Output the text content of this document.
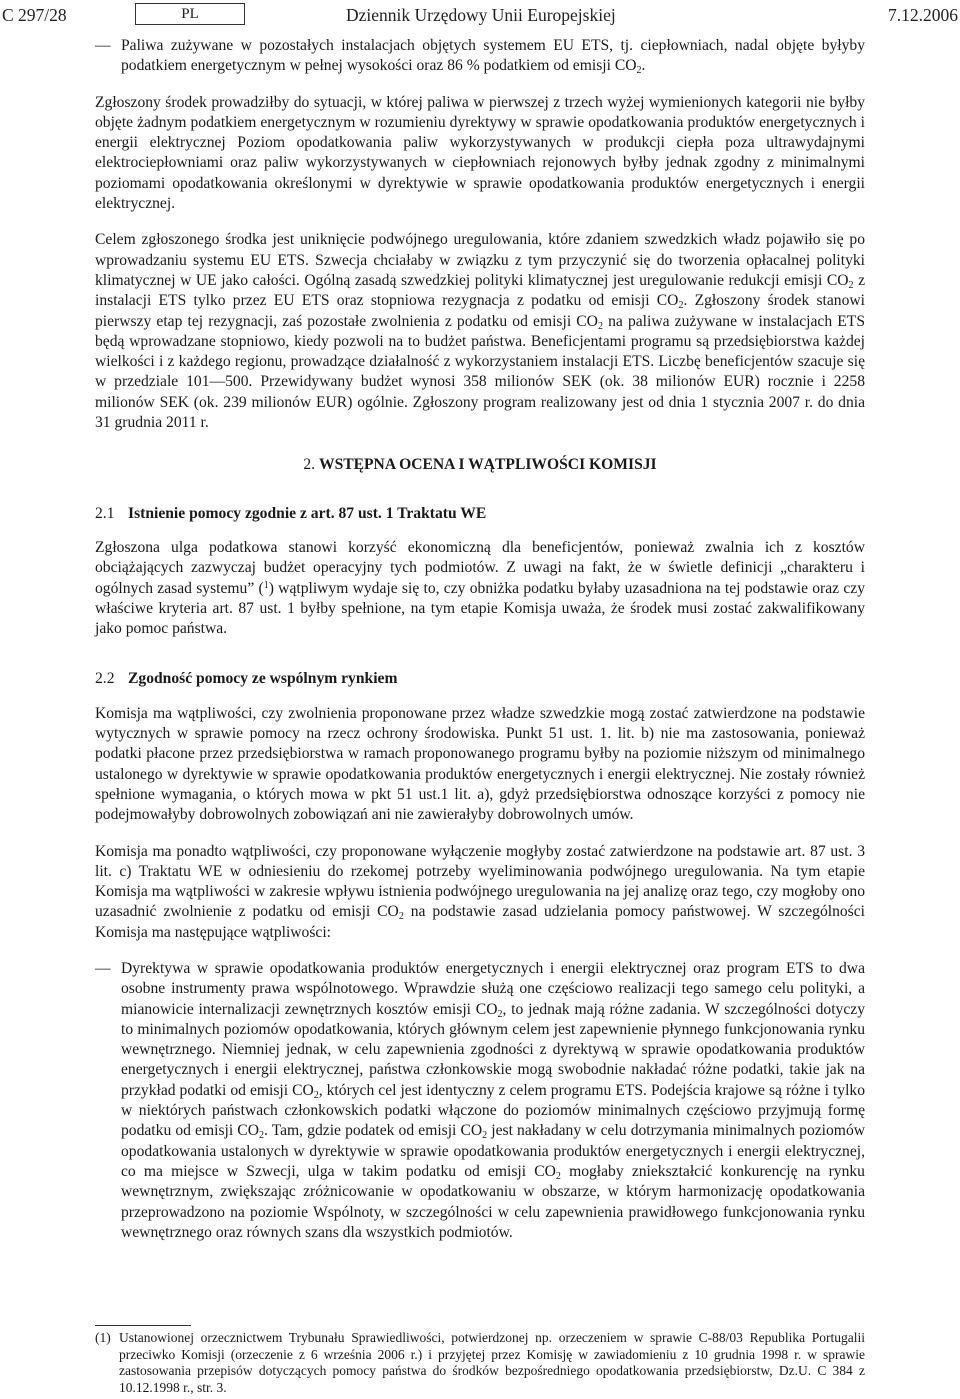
C 297/28	PL	Dziennik Urzędowy Unii Europejskiej	7.12.2006
— Paliwa zużywane w pozostałych instalacjach objętych systemem EU ETS, tj. ciepłowniach, nadal objęte byłyby podatkiem energetycznym w pełnej wysokości oraz 86 % podatkiem od emisji $CO_2$.

Zgłoszony środek prowadziłby do sytuacji, w której paliwa w pierwszej z trzech wyżej wymienionych kategorii nie byłby objęte żadnym podatkiem energetycznym w rozumieniu dyrektywy w sprawie opodatkowania produktów energetycznych i energii elektrycznej Poziom opodatkowania paliw wykorzystywanych w produkcji ciepła poza ultrawydajnymi elektrociepłowniami oraz paliw wykorzystywanych w ciepłowniach rejonowych byłby jednak zgodny z minimalnymi poziomami opodatkowania określonymi w dyrektywie w sprawie opodatkowania produktów energetycznych i energii elektrycznej.

Celem zgłoszonego środka jest uniknięcie podwójnego uregulowania, które zdaniem szwedzkich władz pojawiło się po wprowadzaniu systemu EU ETS. Szwecja chciałaby w związku z tym przyczynić się do tworzenia opłacalnej polityki klimatycznej w UE jako całości. Ogólną zasadą szwedzkiej polityki klimatycznej jest uregulowanie redukcji emisji $CO_2$ z instalacji ETS tylko przez EU ETS oraz stopniowa rezygnacja z podatku od emisji $CO_2$. Zgłoszony środek stanowi pierwszy etap tej rezygnacji, zaś pozostałe zwolnienia z podatku od emisji $CO_2$ na paliwa zużywane w instalacjach ETS będą wprowadzane stopniowo, kiedy pozwoli na to budżet państwa. Beneficjentami programu są przedsiębiorstwa każdej wielkości i z każdego regionu, prowadzące działalność z wykorzystaniem instalacji ETS. Liczbę beneficjentów szacuje się w przedziale 101—500. Przewidywany budżet wynosi 358 milionów SEK (ok. 38 milionów EUR) rocznie i 2258 milionów SEK (ok. 239 milionów EUR) ogólnie. Zgłoszony program realizowany jest od dnia 1 stycznia 2007 r. do dnia 31 grudnia 2011 r.

2. WSTĘPNA OCENA I WĄTPLIWOŚCI KOMISJI
2.1 Istnienie pomocy zgodnie z art. 87 ust. 1 Traktatu WE

Zgłoszona ulga podatkowa stanowi korzyść ekonomiczną dla beneficjentów, ponieważ zwalnia ich z kosztów obciążających zazwyczaj budżet operacyjny tych podmiotów. Z uwagi na fakt, że w świetle definicji „charakteru i ogólnych zasad systemu” ($^1$) wątpliwym wydaje się to, czy obniżka podatku byłaby uzasadniona na tej podstawie oraz czy właściwe kryteria art. 87 ust. 1 byłby spełnione, na tym etapie Komisja uważa, że środek musi zostać zakwalifikowany jako pomoc państwa.

2.2 Zgodność pomocy ze wspólnym rynkiem

Komisja ma wątpliwości, czy zwolnienia proponowane przez władze szwedzkie mogą zostać zatwierdzone na podstawie wytycznych w sprawie pomocy na rzecz ochrony środowiska. Punkt 51 ust. 1. lit. b) nie ma zastosowania, ponieważ podatki płacone przez przedsiębiorstwa w ramach proponowanego programu byłby na poziomie niższym od minimalnego ustalonego w dyrektywie w sprawie opodatkowania produktów energetycznych i energii elektrycznej. Nie zostały również spełnione wymagania, o których mowa w pkt 51 ust.1 lit. a), gdyż przedsiębiorstwa odnoszące korzyści z pomocy nie podejmowałyby dobrowolnych zobowiązań ani nie zawierałyby dobrowolnych umów.

Komisja ma ponadto wątpliwości, czy proponowane wyłączenie mogłyby zostać zatwierdzone na podstawie art. 87 ust. 3 lit. c) Traktatu WE w odniesieniu do rzekomej potrzeby wyeliminowania podwójnego uregulowania. Na tym etapie Komisja ma wątpliwości w zakresie wpływu istnienia podwójnego uregulowania na jej analizę oraz tego, czy mogłoby ono uzasadnić zwolnienie z podatku od emisji $CO_2$ na podstawie zasad udzielania pomocy państwowej. W szczególności Komisja ma następujące wątpliwości:

— Dyrektywa w sprawie opodatkowania produktów energetycznych i energii elektrycznej oraz program ETS to dwa osobne instrumenty prawa wspólnotowego. Wprawdzie służą one częściowo realizacji tego samego celu polityki, a mianowicie internalizacji zewnętrznych kosztów emisji $CO_2$, to jednak mają różne zadania. W szczególności dotyczy to minimalnych poziomów opodatkowania, których głównym celem jest zapewnienie płynnego funkcjonowania rynku wewnętrznego. Niemniej jednak, w celu zapewnienia zgodności z dyrektywą w sprawie opodatkowania produktów energetycznych i energii elektrycznej, państwa członkowskie mogą swobodnie nakładać różne podatki, takie jak na przykład podatki od emisji $CO_2$, których cel jest identyczny z celem programu ETS. Podejścia krajowe są różne i tylko w niektórych państwach członkowskich podatki włączone do poziomów minimalnych częściowo przyjmują formę podatku od emisji $CO_2$. Tam, gdzie podatek od emisji $CO_2$ jest nakładany w celu dotrzymania minimalnych poziomów opodatkowania ustalonych w dyrektywie w sprawie opodatkowania produktów energetycznych i energii elektrycznej, co ma miejsce w Szwecji, ulga w takim podatku od emisji $CO_2$ mogłaby zniekształcić konkurencję na rynku wewnętrznym, zwiększając zróżnicowanie w opodatkowaniu w obszarze, w którym harmonizację opodatkowania przeprowadzono na poziomie Wspólnoty, w szczególności w celu zapewnienia prawidłowego funkcjonowania rynku wewnętrznego oraz równych szans dla wszystkich podmiotów.
(1) Ustanowionej orzecznictwem Trybunału Sprawiedliwości, potwierdzonej np. orzeczeniem w sprawie C-88/03 Republika Portugalii przeciwko Komisji (orzeczenie z 6 września 2006 r.) i przyjętej przez Komisję w zawiadomieniu z 10 grudnia 1998 r. w sprawie zastosowania przepisów dotyczących pomocy państwa do środków bezpośredniego opodatkowania przedsiębiorstw, Dz.U. C 384 z 10.12.1998 r., str. 3.
